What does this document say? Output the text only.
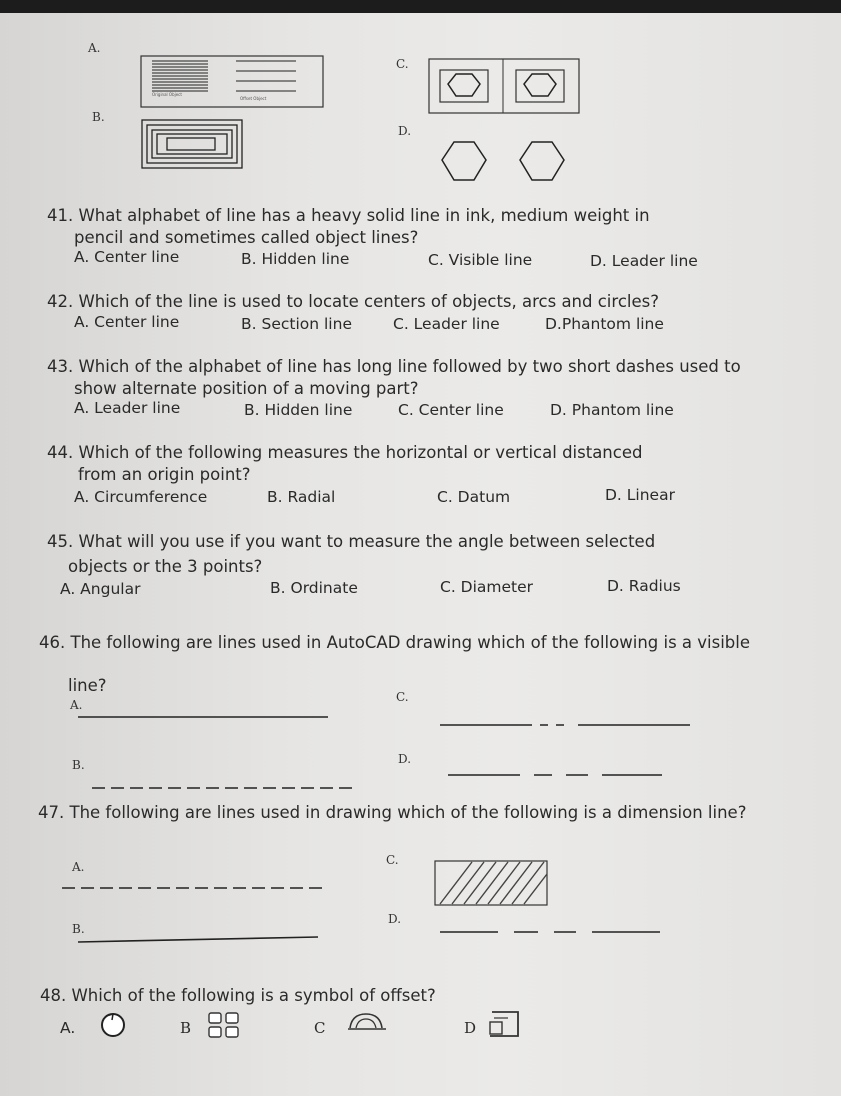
A.
C.
B.
D.
Original Object
Offset Object
41. What alphabet of line has a heavy solid line in ink, medium weight in
pencil and sometimes called object lines?
A. Center line	B. Hidden line	C. Visible line	D. Leader line
42. Which of the line is used to locate centers of objects, arcs and circles?
A. Center line	B. Section line	C. Leader line	D.Phantom line
43. Which of the alphabet of line has long line followed by two short dashes used to
show alternate position of a moving part?
A. Leader line	B. Hidden line	C. Center line	D. Phantom line
44. Which of the following measures the horizontal or vertical distanced
from an origin point?
A. Circumference	B. Radial	C. Datum	D. Linear
45. What will you use if you want to measure the angle between selected
objects or the 3 points?
A. Angular	B. Ordinate	C. Diameter	D. Radius
46. The following are lines used in AutoCAD drawing which of the following is a visible
line?
A.
C.
B.	D.
47. The following are lines used in drawing which of the following is a dimension line?
A.	C.
B.
D.
48. Which of the following is a symbol of offset?
A.	B	C	D
